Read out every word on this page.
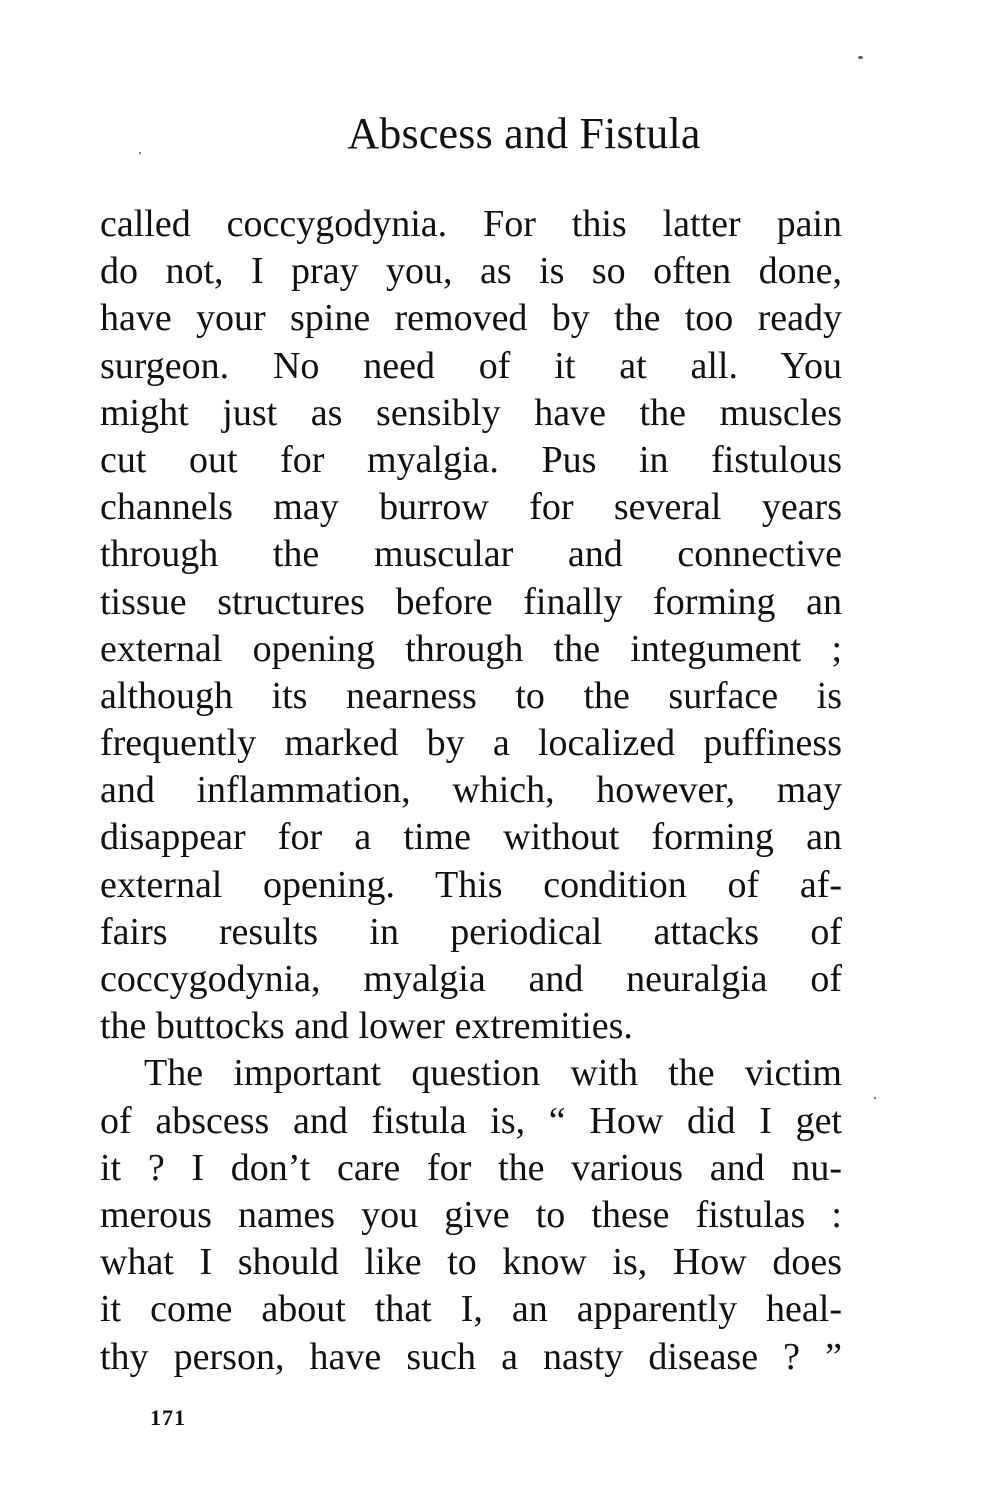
Abscess and Fistula
called coccygodynia. For this latter pain
do not, I pray you, as is so often done,
have your spine removed by the too ready
surgeon. No need of it at all. You
might just as sensibly have the muscles
cut out for myalgia. Pus in fistulous
channels may burrow for several years
through the muscular and connective
tissue structures before finally forming an
external opening through the integument ;
although its nearness to the surface is
frequently marked by a localized puffiness
and inflammation, which, however, may
disappear for a time without forming an
external opening. This condition of af-
fairs results in periodical attacks of
coccygodynia, myalgia and neuralgia of
the buttocks and lower extremities.
The important question with the victim
of abscess and fistula is, “ How did I get
it ? I don’t care for the various and nu-
merous names you give to these fistulas :
what I should like to know is, How does
it come about that I, an apparently heal-
thy person, have such a nasty disease ? ”
171
